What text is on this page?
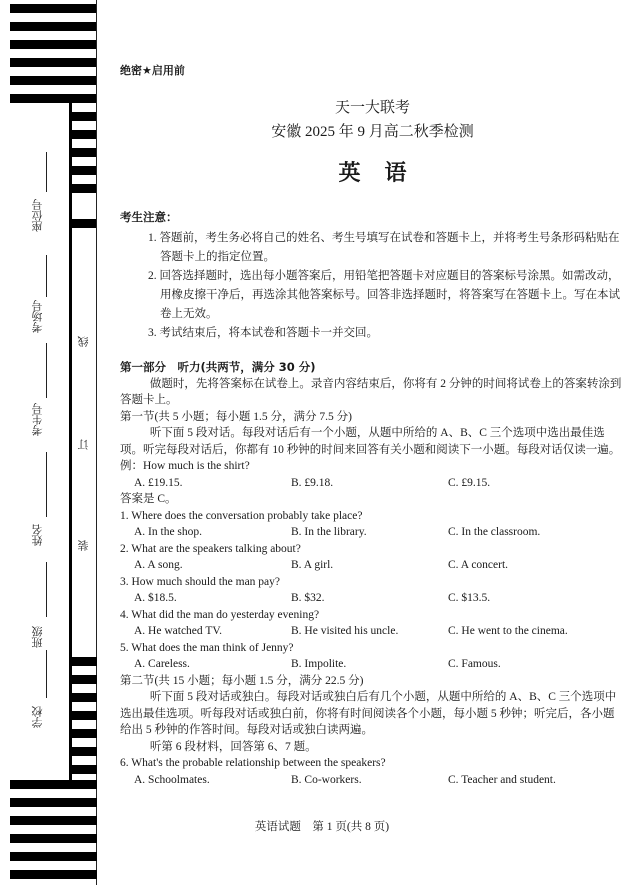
座位号
考场号
考生号
姓名
班级
学校
线
订
装
绝密★启用前
天一大联考
安徽 2025 年 9 月高二秋季检测
英语
考生注意：

1. 答题前，考生务必将自己的姓名、考生号填写在试卷和答题卡上，并将考生号条形码粘贴在答题卡上的指定位置。

2. 回答选择题时，选出每小题答案后，用铅笔把答题卡对应题目的答案标号涂黑。如需改动，用橡皮擦干净后，再选涂其他答案标号。回答非选择题时，将答案写在答题卡上。写在本试卷上无效。

3. 考试结束后，将本试卷和答题卡一并交回。

第一部分　听力(共两节，满分 30 分)

做题时，先将答案标在试卷上。录音内容结束后，你将有 2 分钟的时间将试卷上的答案转涂到答题卡上。

第一节(共 5 小题；每小题 1.5 分，满分 7.5 分)

听下面 5 段对话。每段对话后有一个小题，从题中所给的 A、B、C 三个选项中选出最佳选项。听完每段对话后，你都有 10 秒钟的时间来回答有关小题和阅读下一小题。每段对话仅读一遍。

例：How much is the shirt?

A. £19.15.	B. £9.18.	C. £9.15.

答案是 C。

1. Where does the conversation probably take place?

A. In the shop.	B. In the library.	C. In the classroom.

2. What are the speakers talking about?

A. A song.	B. A girl.	C. A concert.

3. How much should the man pay?

A. $18.5.	B. $32.	C. $13.5.

4. What did the man do yesterday evening?

A. He watched TV.	B. He visited his uncle.	C. He went to the cinema.

5. What does the man think of Jenny?

A. Careless.	B. Impolite.	C. Famous.

第二节(共 15 小题；每小题 1.5 分，满分 22.5 分)

听下面 5 段对话或独白。每段对话或独白后有几个小题，从题中所给的 A、B、C 三个选项中选出最佳选项。听每段对话或独白前，你将有时间阅读各个小题，每小题 5 秒钟；听完后，各小题给出 5 秒钟的作答时间。每段对话或独白读两遍。

听第 6 段材料，回答第 6、7 题。

6. What's the probable relationship between the speakers?

A. Schoolmates.	B. Co-workers.	C. Teacher and student.
英语试题　第 1 页(共 8 页)
